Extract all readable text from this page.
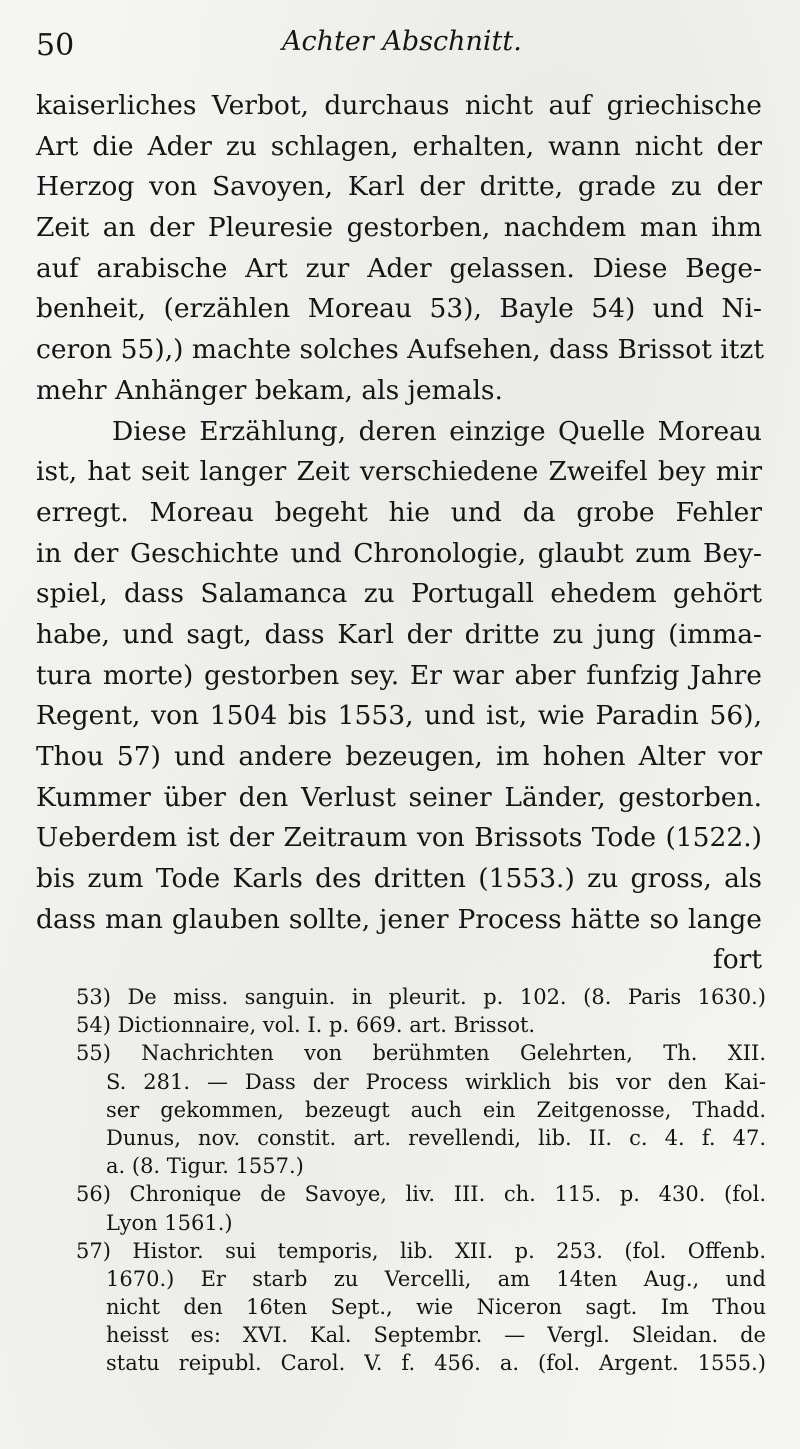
50	Achter Abschnitt.
kaiserliches Verbot, durchaus nicht auf griechische
Art die Ader zu schlagen, erhalten, wann nicht der
Herzog von Savoyen, Karl der dritte, grade zu der
Zeit an der Pleuresie gestorben, nachdem man ihm
auf arabische Art zur Ader gelassen. Diese Bege-
benheit, (erzählen Moreau 53), Bayle 54) und Ni-
ceron 55),) machte solches Aufsehen, dass Brissot itzt
mehr Anhänger bekam, als jemals.
Diese Erzählung, deren einzige Quelle Moreau
ist, hat seit langer Zeit verschiedene Zweifel bey mir
erregt. Moreau begeht hie und da grobe Fehler
in der Geschichte und Chronologie, glaubt zum Bey-
spiel, dass Salamanca zu Portugall ehedem gehört
habe, und sagt, dass Karl der dritte zu jung (imma-
tura morte) gestorben sey. Er war aber funfzig Jahre
Regent, von 1504 bis 1553, und ist, wie Paradin 56),
Thou 57) und andere bezeugen, im hohen Alter vor
Kummer über den Verlust seiner Länder, gestorben.
Ueberdem ist der Zeitraum von Brissots Tode (1522.)
bis zum Tode Karls des dritten (1553.) zu gross, als
dass man glauben sollte, jener Process hätte so lange
fort
53) De miss. sanguin. in pleurit. p. 102. (8. Paris 1630.)
54) Dictionnaire, vol. I. p. 669. art. Brissot.
55) Nachrichten von berühmten Gelehrten, Th. XII.
S. 281. — Dass der Process wirklich bis vor den Kai-
ser gekommen, bezeugt auch ein Zeitgenosse, Thadd.
Dunus, nov. constit. art. revellendi, lib. II. c. 4. f. 47.
a. (8. Tigur. 1557.)
56) Chronique de Savoye, liv. III. ch. 115. p. 430. (fol.
Lyon 1561.)
57) Histor. sui temporis, lib. XII. p. 253. (fol. Offenb.
1670.) Er starb zu Vercelli, am 14ten Aug., und
nicht den 16ten Sept., wie Niceron sagt. Im Thou
heisst es: XVI. Kal. Septembr. — Vergl. Sleidan. de
statu reipubl. Carol. V. f. 456. a. (fol. Argent. 1555.)
